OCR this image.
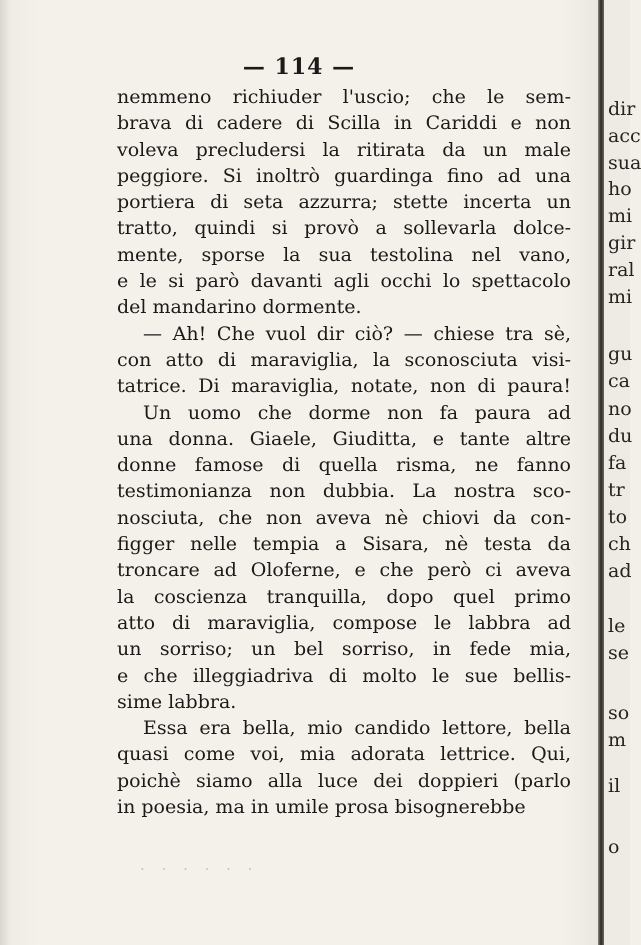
— 114 —
nemmeno richiuder l'uscio; che le sem-
brava di cadere di Scilla in Cariddi e non
voleva precludersi la ritirata da un male
peggiore. Si inoltrò guardinga fino ad una
portiera di seta azzurra; stette incerta un
tratto, quindi si provò a sollevarla dolce-
mente, sporse la sua testolina nel vano,
e le si parò davanti agli occhi lo spettacolo
del mandarino dormente.
— Ah! Che vuol dir ciò? — chiese tra sè,
con atto di maraviglia, la sconosciuta visi-
tatrice. Di maraviglia, notate, non di paura!
Un uomo che dorme non fa paura ad
una donna. Giaele, Giuditta, e tante altre
donne famose di quella risma, ne fanno
testimonianza non dubbia. La nostra sco-
nosciuta, che non aveva nè chiovi da con-
figger nelle tempia a Sisara, nè testa da
troncare ad Oloferne, e che però ci aveva
la coscienza tranquilla, dopo quel primo
atto di maraviglia, compose le labbra ad
un sorriso; un bel sorriso, in fede mia,
e che illeggiadriva di molto le sue bellis-
sime labbra.
Essa era bella, mio candido lettore, bella
quasi come voi, mia adorata lettrice. Qui,
poichè siamo alla luce dei doppieri (parlo
in poesia, ma in umile prosa bisognerebbe
· · · · · ·
dir
acc
sua
ho
mi
gir
ral
mi
gu
ca
no
du
fa
tr
to
ch
ad
le
se
so
m
il
o
